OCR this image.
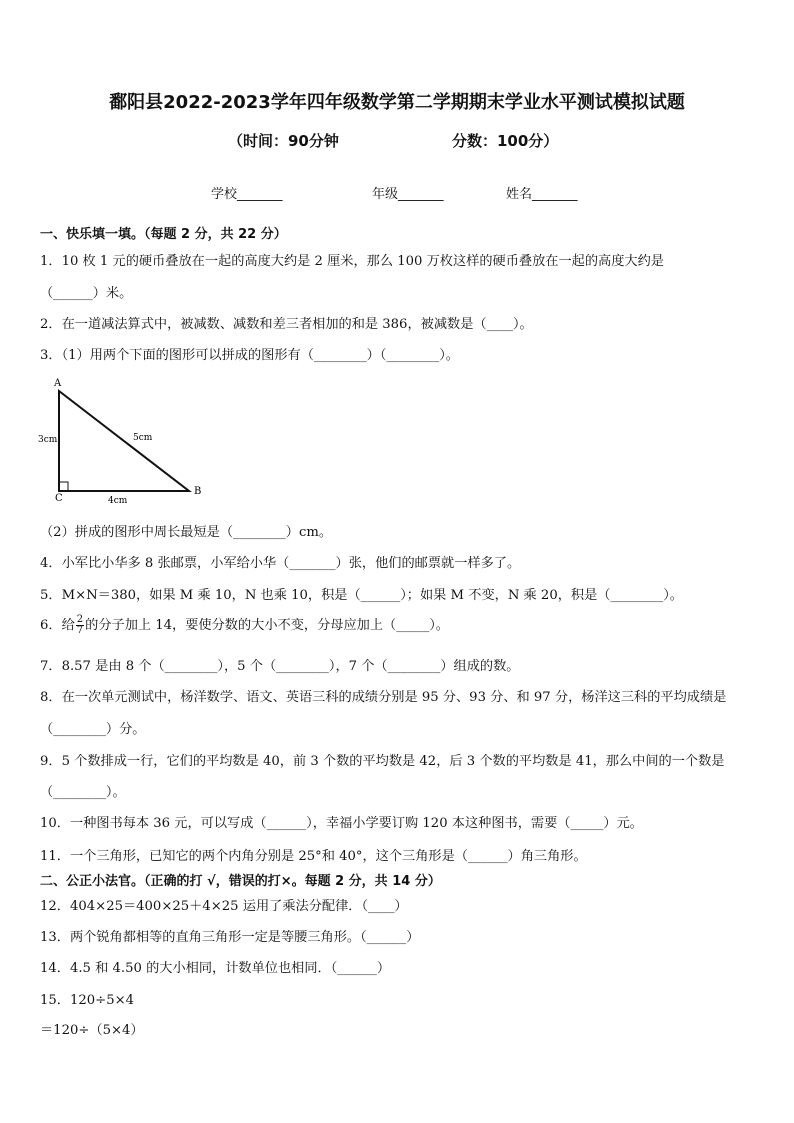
鄱阳县2022-2023学年四年级数学第二学期期末学业水平测试模拟试题
（时间：90分钟	分数：100分）
学校_______	年级_______	姓名_______
一、快乐填一填。（每题 2 分，共 22 分）
1．10 枚 1 元的硬币叠放在一起的高度大约是 2 厘米，那么 100 万枚这样的硬币叠放在一起的高度大约是
（______）米。
2．在一道减法算式中，被减数、减数和差三者相加的和是 386，被减数是（____）。
3．（1）用两个下面的图形可以拼成的图形有（________）（________）。
A
B
C
3cm
4cm
5cm
（2）拼成的图形中周长最短是（________）cm。
4．小军比小华多 8 张邮票，小军给小华（_______）张，他们的邮票就一样多了。
5．M×N＝380，如果 M 乘 10，N 也乘 10，积是（______）；如果 M 不变，N 乘 20，积是（________）。
6．给 $\frac{2}{7}$ 的分子加上 14，要使分数的大小不变，分母应加上（_____）。
7．8.57 是由 8 个（________），5 个（________），7 个（________）组成的数。
8．在一次单元测试中，杨洋数学、语文、英语三科的成绩分别是 95 分、93 分、和 97 分，杨洋这三科的平均成绩是
（________）分。
9．5 个数排成一行，它们的平均数是 40，前 3 个数的平均数是 42，后 3 个数的平均数是 41，那么中间的一个数是
（________）。
10．一种图书每本 36 元，可以写成（______），幸福小学要订购 120 本这种图书，需要（_____）元。
11．一个三角形，已知它的两个内角分别是 25°和 40°，这个三角形是（______）角三角形。
二、公正小法官。（正确的打 √，错误的打×。每题 2 分，共 14 分）
12．404×25＝400×25＋4×25 运用了乘法分配律．（____）
13．两个锐角都相等的直角三角形一定是等腰三角形。（______）
14．4.5 和 4.50 的大小相同，计数单位也相同．（______）
15．120÷5×4
＝120÷（5×4）
